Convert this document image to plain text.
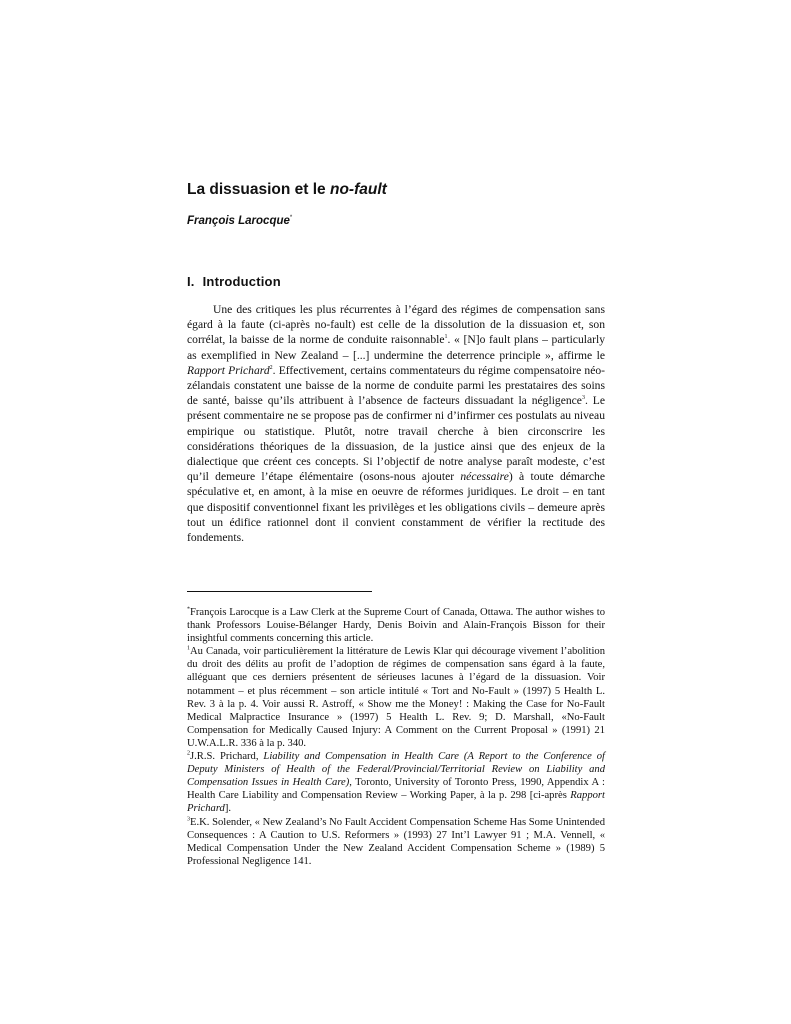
La dissuasion et le no-fault

François Larocque*

I. Introduction

Une des critiques les plus récurrentes à l’égard des régimes de compensation sans égard à la faute (ci-après no-fault) est celle de la dissolution de la dissuasion et, son corrélat, la baisse de la norme de conduite raisonnable$^1$. « [N]o fault plans – particularly as exemplified in New Zealand – [...] undermine the deterrence principle », affirme le Rapport Prichard$^2$. Effectivement, certains commentateurs du régime compensatoire néo-zélandais constatent une baisse de la norme de conduite parmi les prestataires des soins de santé, baisse qu’ils attribuent à l’absence de facteurs dissuadant la négligence$^3$. Le présent commentaire ne se propose pas de confirmer ni d’infirmer ces postulats au niveau empirique ou statistique. Plutôt, notre travail cherche à bien circonscrire les considérations théoriques de la dissuasion, de la justice ainsi que des enjeux de la dialectique que créent ces concepts. Si l’objectif de notre analyse paraît modeste, c’est qu’il demeure l’étape élémentaire (osons-nous ajouter nécessaire) à toute démarche spéculative et, en amont, à la mise en oeuvre de réformes juridiques. Le droit – en tant que dispositif conventionnel fixant les privilèges et les obligations civils – demeure après tout un édifice rationnel dont il convient constamment de vérifier la rectitude des fondements.

*François Larocque is a Law Clerk at the Supreme Court of Canada, Ottawa. The author wishes to thank Professors Louise-Bélanger Hardy, Denis Boivin and Alain-François Bisson for their insightful comments concerning this article.

$^1$Au Canada, voir particulièrement la littérature de Lewis Klar qui décourage vivement l’abolition du droit des délits au profit de l’adoption de régimes de compensation sans égard à la faute, alléguant que ces derniers présentent de sérieuses lacunes à l’égard de la dissuasion. Voir notamment – et plus récemment – son article intitulé « Tort and No-Fault » (1997) 5 Health L. Rev. 3 à la p. 4. Voir aussi R. Astroff, « Show me the Money! : Making the Case for No-Fault Medical Malpractice Insurance » (1997) 5 Health L. Rev. 9; D. Marshall, «No-Fault Compensation for Medically Caused Injury: A Comment on the Current Proposal » (1991) 21 U.W.A.L.R. 336 à la p. 340.

$^2$J.R.S. Prichard, Liability and Compensation in Health Care (A Report to the Conference of Deputy Ministers of Health of the Federal/Provincial/Territorial Review on Liability and Compensation Issues in Health Care), Toronto, University of Toronto Press, 1990, Appendix A : Health Care Liability and Compensation Review – Working Paper, à la p. 298 [ci-après Rapport Prichard].

$^3$E.K. Solender, « New Zealand’s No Fault Accident Compensation Scheme Has Some Unintended Consequences : A Caution to U.S. Reformers » (1993) 27 Int’l Lawyer 91 ; M.A. Vennell, « Medical Compensation Under the New Zealand Accident Compensation Scheme » (1989) 5 Professional Negligence 141.
